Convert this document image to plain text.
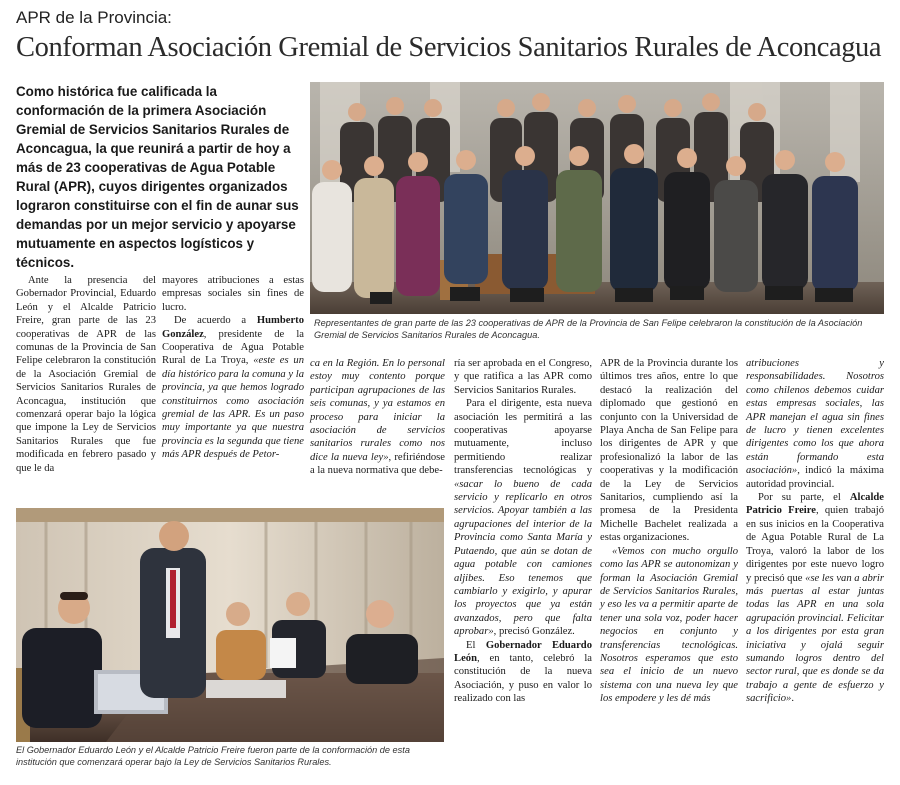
APR de la Provincia:
Conforman Asociación Gremial de Servicios Sanitarios Rurales de Aconcagua
Como histórica fue calificada la conformación de la primera Asociación Gremial de Servicios Sanitarios Rurales de Aconcagua, la que reunirá a partir de hoy a más de 23 cooperativas de Agua Potable Rural (APR), cuyos dirigentes organizados lograron constituirse con el fin de aunar sus demandas por un mejor servicio y apoyarse mutuamente en aspectos logísticos y técnicos.
Representantes de gran parte de las 23 cooperativas de APR de la Provincia de San Felipe celebraron la constitución de la Asociación Gremial de Servicios Sanitarios Rurales de Aconcagua.
El Gobernador Eduardo León y el Alcalde Patricio Freire fueron parte de la conformación de esta institución que comenzará operar bajo la Ley de Servicios Sanitarios Rurales.

Ante la presencia del Gobernador Provincial, Eduardo León y el Alcalde Patricio Freire, gran parte de las 23 cooperativas de APR de las comunas de la Provincia de San Felipe celebraron la constitución de la Asociación Gremial de Servicios Sanitarios Rurales de Aconcagua, institución que comenzará operar bajo la lógica que impone la Ley de Servicios Sanitarios Rurales que fue modificada en febrero pasado y que le da

mayores atribuciones a estas empresas sociales sin fines de lucro.

De acuerdo a Humberto González, presidente de la Cooperativa de Agua Potable Rural de La Troya, «este es un día histórico para la comuna y la provincia, ya que hemos logrado constituirnos como asociación gremial de las APR. Es un paso muy importante ya que nuestra provincia es la segunda que tiene más APR después de Petor-

ca en la Región. En lo personal estoy muy contento porque participan agrupaciones de las seis comunas, y ya estamos en proceso para iniciar la asociación de servicios sanitarios rurales como nos dice la nueva ley», refiriéndose a la nueva normativa que debe-

ría ser aprobada en el Congreso, y que ratifica a las APR como Servicios Sanitarios Rurales.

Para el dirigente, esta nueva asociación les permitirá a las cooperativas apoyarse mutuamente, incluso permitiendo realizar transferencias tecnológicas y «sacar lo bueno de cada servicio y replicarlo en otros servicios. Apoyar también a las agrupaciones del interior de la Provincia como Santa María y Putaendo, que aún se dotan de agua potable con camiones aljibes. Eso tenemos que cambiarlo y exigirlo, y apurar los proyectos que ya están avanzados, pero que falta aprobar», precisó González.

El Gobernador Eduardo León, en tanto, celebró la constitución de la nueva Asociación, y puso en valor lo realizado con las

APR de la Provincia durante los últimos tres años, entre lo que destacó la realización del diplomado que gestionó en conjunto con la Universidad de Playa Ancha de San Felipe para los dirigentes de APR y que profesionalizó la labor de las cooperativas y la modificación de la Ley de Servicios Sanitarios, cumpliendo así la promesa de la Presidenta Michelle Bachelet realizada a estas organizaciones.

«Vemos con mucho orgullo como las APR se autonomizan y forman la Asociación Gremial de Servicios Sanitarios Rurales, y eso les va a permitir aparte de tener una sola voz, poder hacer negocios en conjunto y transferencias tecnológicas. Nosotros esperamos que esto sea el inicio de un nuevo sistema con una nueva ley que los empodere y les dé más

atribuciones y responsabilidades. Nosotros como chilenos debemos cuidar estas empresas sociales, las APR manejan el agua sin fines de lucro y tienen excelentes dirigentes como los que ahora están formando esta asociación», indicó la máxima autoridad provincial.

Por su parte, el Alcalde Patricio Freire, quien trabajó en sus inicios en la Cooperativa de Agua Potable Rural de La Troya, valoró la labor de los dirigentes por este nuevo logro y precisó que «se les van a abrir más puertas al estar juntas todas las APR en una sola agrupación provincial. Felicitar a los dirigentes por esta gran iniciativa y ojalá seguir sumando logros dentro del sector rural, que es donde se da trabajo a gente de esfuerzo y sacrificio».
